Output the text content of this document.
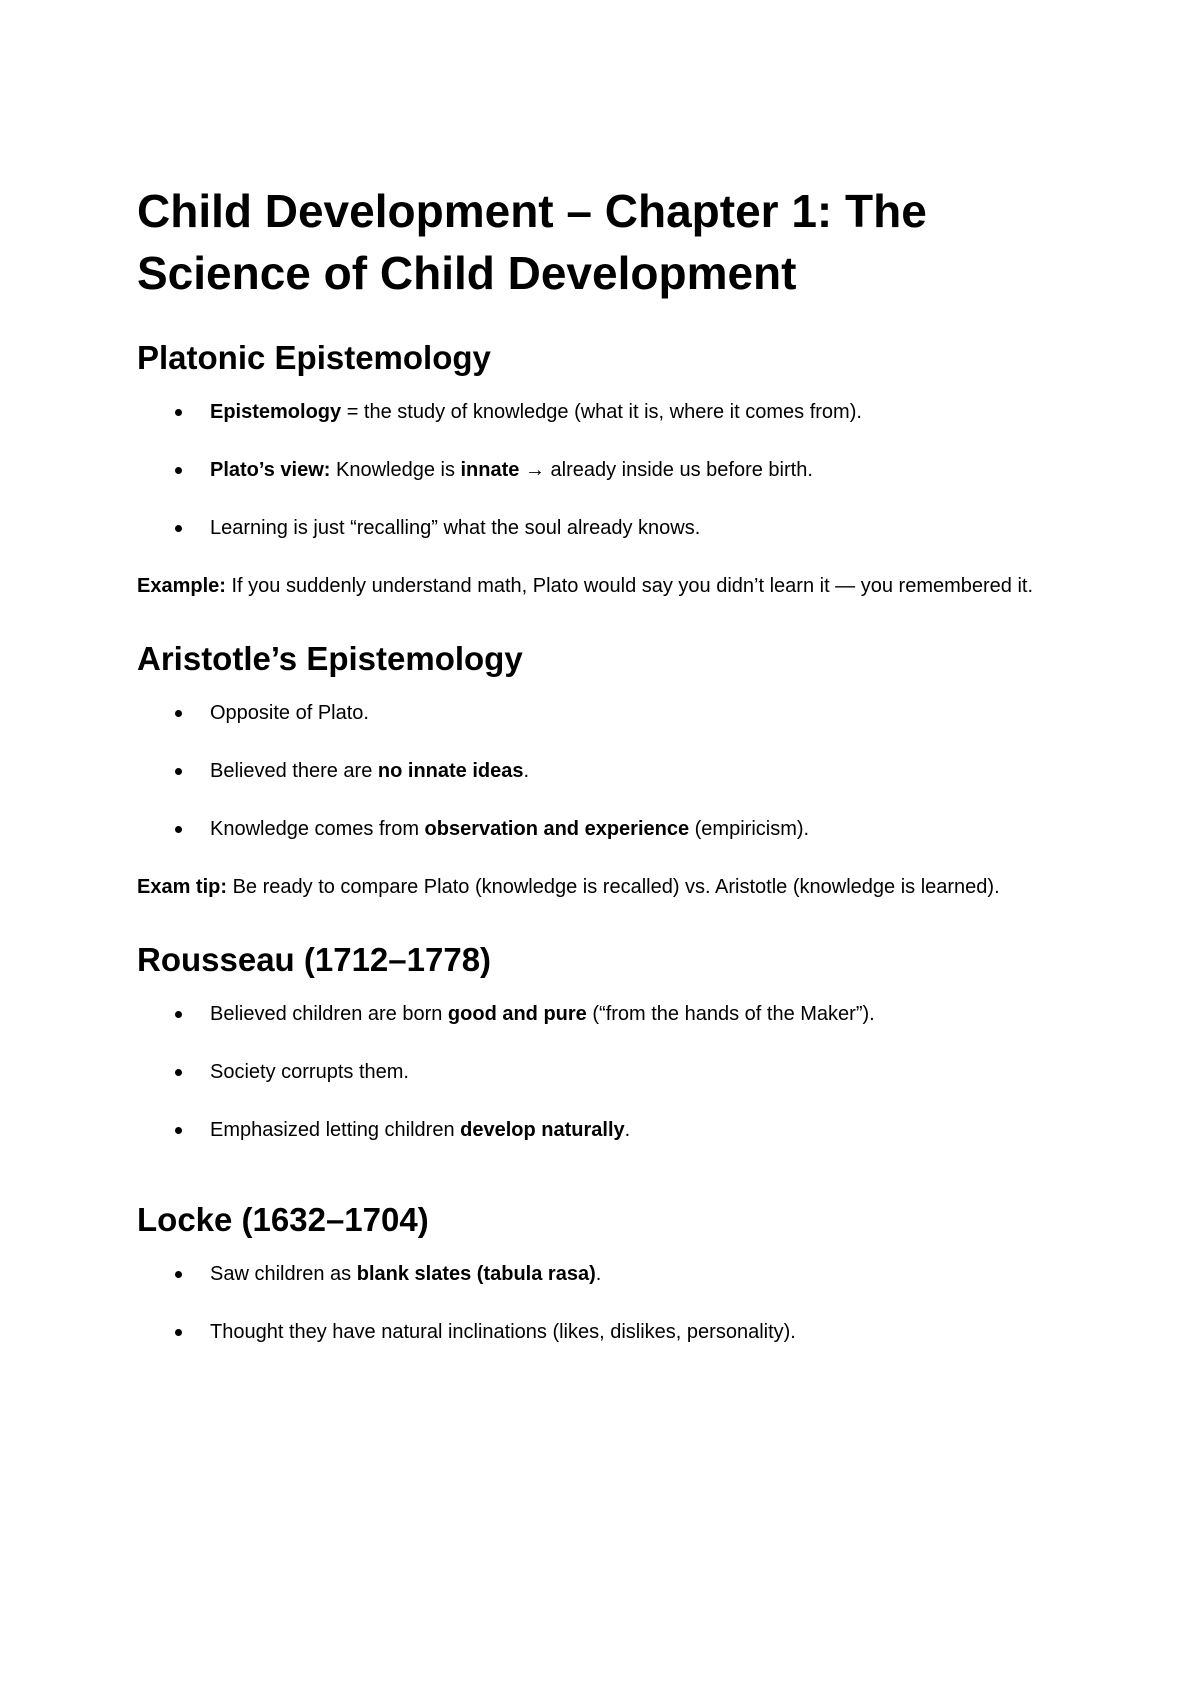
Child Development – Chapter 1: The Science of Child Development
Platonic Epistemology
Epistemology = the study of knowledge (what it is, where it comes from).
Plato’s view: Knowledge is innate → already inside us before birth.
Learning is just “recalling” what the soul already knows.

Example: If you suddenly understand math, Plato would say you didn’t learn it — you remembered it.

Aristotle’s Epistemology
Opposite of Plato.
Believed there are no innate ideas.
Knowledge comes from observation and experience (empiricism).

Exam tip: Be ready to compare Plato (knowledge is recalled) vs. Aristotle (knowledge is learned).

Rousseau (1712–1778)
Believed children are born good and pure (“from the hands of the Maker”).
Society corrupts them.
Emphasized letting children develop naturally.
Locke (1632–1704)
Saw children as blank slates (tabula rasa).
Thought they have natural inclinations (likes, dislikes, personality).
